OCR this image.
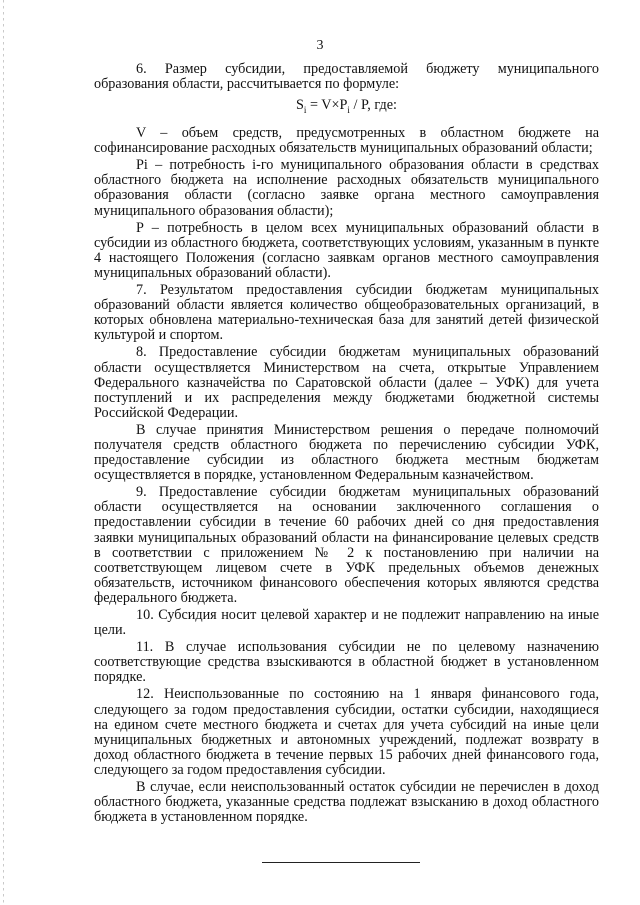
3

6. Размер субсидии, предоставляемой бюджету муниципального образования области, рассчитывается по формуле:

$S_i = V\times P_i / P$, где:

V – объем средств, предусмотренных в областном бюджете на софинансирование расходных обязательств муниципальных образований области;

Pi – потребность i-го муниципального образования области в средствах областного бюджета на исполнение расходных обязательств муниципального образования области (согласно заявке органа местного самоуправления муниципального образования области);

P – потребность в целом всех муниципальных образований области в субсидии из областного бюджета, соответствующих условиям, указанным в пункте 4 настоящего Положения (согласно заявкам органов местного самоуправления муниципальных образований области).

7. Результатом предоставления субсидии бюджетам муниципальных образований области является количество общеобразовательных организаций, в которых обновлена материально-техническая база для занятий детей физической культурой и спортом.

8. Предоставление субсидии бюджетам муниципальных образований области осуществляется Министерством на счета, открытые Управлением Федерального казначейства по Саратовской области (далее – УФК) для учета поступлений и их распределения между бюджетами бюджетной системы Российской Федерации.

В случае принятия Министерством решения о передаче полномочий получателя средств областного бюджета по перечислению субсидии УФК, предоставление субсидии из областного бюджета местным бюджетам осуществляется в порядке, установленном Федеральным казначейством.

9. Предоставление субсидии бюджетам муниципальных образований области осуществляется на основании заключенного соглашения о предоставлении субсидии в течение 60 рабочих дней со дня предоставления заявки муниципальных образований области на финансирование целевых средств в соответствии с приложением № 2 к постановлению при наличии на соответствующем лицевом счете в УФК предельных объемов денежных обязательств, источником финансового обеспечения которых являются средства федерального бюджета.

10. Субсидия носит целевой характер и не подлежит направлению на иные цели.

11. В случае использования субсидии не по целевому назначению соответствующие средства взыскиваются в областной бюджет в установленном порядке.

12. Неиспользованные по состоянию на 1 января финансового года, следующего за годом предоставления субсидии, остатки субсидии, находящиеся на едином счете местного бюджета и счетах для учета субсидий на иные цели муниципальных бюджетных и автономных учреждений, подлежат возврату в доход областного бюджета в течение первых 15 рабочих дней финансового года, следующего за годом предоставления субсидии.

В случае, если неиспользованный остаток субсидии не перечислен в доход областного бюджета, указанные средства подлежат взысканию в доход областного бюджета в установленном порядке.
